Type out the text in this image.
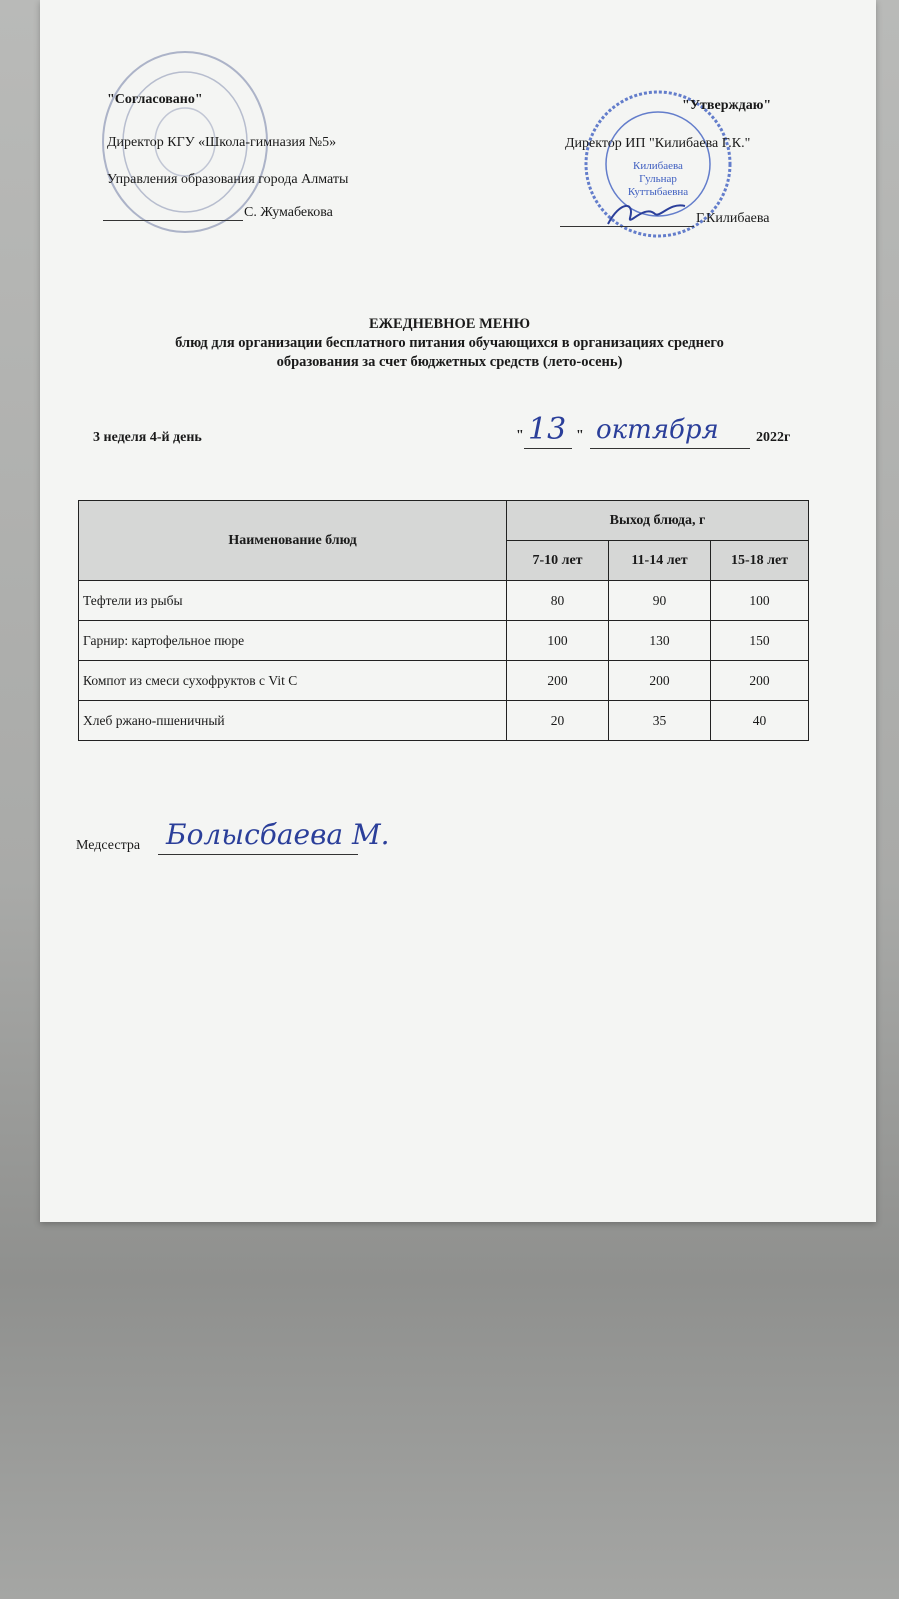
Килибаева
Гульнар
Куттыбаевна
"Согласовано"
Директор КГУ «Школа-гимназия №5»
Управления образования города Алматы
С. Жумабекова
"Утверждаю"
Директор ИП "Килибаева Г.К."
Г.Килибаева
ЕЖЕДНЕВНОЕ МЕНЮ
блюд для организации бесплатного питания обучающихся в организациях среднего
образования за счет бюджетных средств (лето-осень)
3 неделя 4-й день	" 13 " октября	2022г
Наименование блюд	Выход блюда, г		
	7-10 лет	11-14 лет	15-18 лет
Тефтели из рыбы	80	90	100
Гарнир: картофельное пюре	100	130	150
Компот из смеси сухофруктов с Vit C	200	200	200
Хлеб ржано-пшеничный	20	35	40
Медсестра Болысбаева М.
